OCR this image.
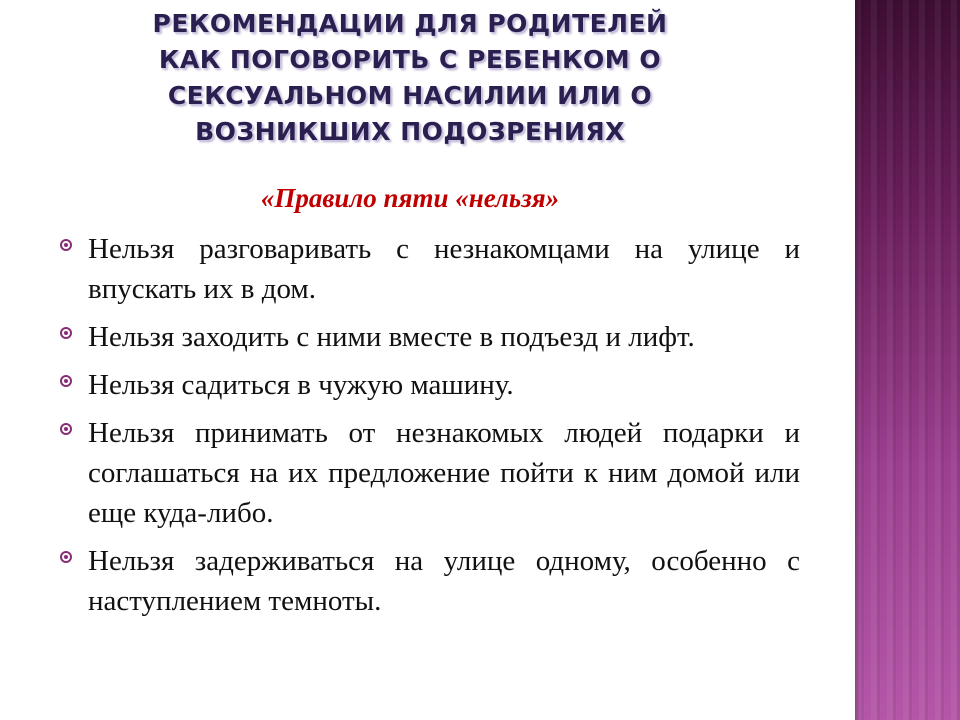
РЕКОМЕНДАЦИИ ДЛЯ РОДИТЕЛЕЙ
КАК ПОГОВОРИТЬ С РЕБЕНКОМ О
СЕКСУАЛЬНОМ НАСИЛИИ ИЛИ О
ВОЗНИКШИХ ПОДОЗРЕНИЯХ
«Правило пяти «нельзя»
Нельзя разговаривать с незнакомцами на улице и впускать их в дом.
Нельзя заходить с ними вместе в подъезд и лифт.
Нельзя садиться в чужую машину.
Нельзя принимать от незнакомых людей подарки и соглашаться на их предложение пойти к ним домой или еще куда-либо.
Нельзя задерживаться на улице одному, особенно с наступлением темноты.
